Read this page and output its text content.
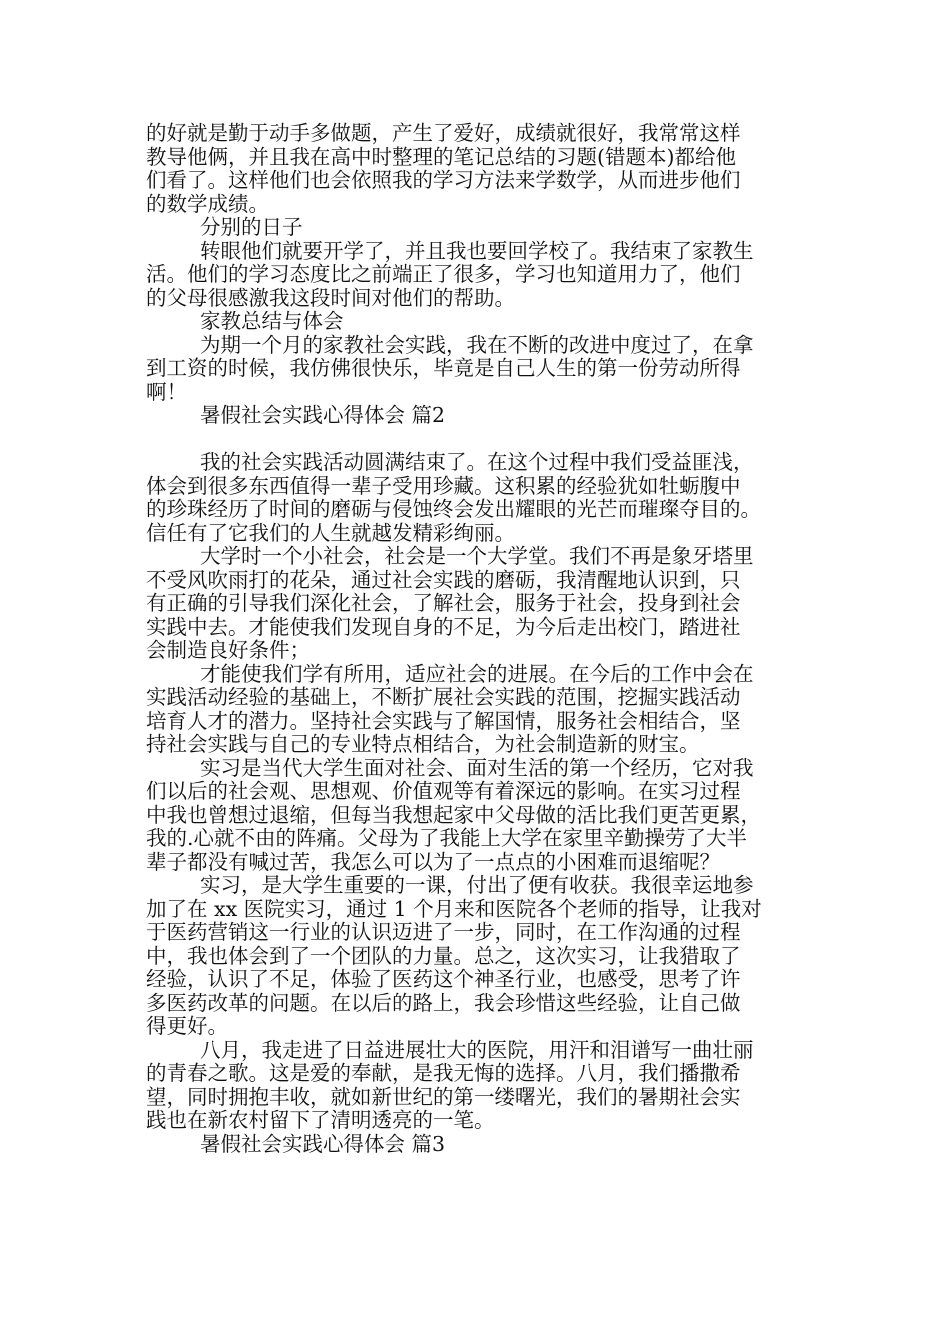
的好就是勤于动手多做题，产生了爱好，成绩就很好，我常常这样
教导他俩，并且我在高中时整理的笔记总结的习题(错题本)都给他
们看了。这样他们也会依照我的学习方法来学数学，从而进步他们
的数学成绩。
分别的日子
转眼他们就要开学了，并且我也要回学校了。我结束了家教生
活。他们的学习态度比之前端正了很多，学习也知道用力了，他们
的父母很感激我这段时间对他们的帮助。
家教总结与体会
为期一个月的家教社会实践，我在不断的改进中度过了，在拿
到工资的时候，我仿佛很快乐，毕竟是自己人生的第一份劳动所得
啊！
暑假社会实践心得体会 篇2
我的社会实践活动圆满结束了。在这个过程中我们受益匪浅，
体会到很多东西值得一辈子受用珍藏。这积累的经验犹如牡蛎腹中
的珍珠经历了时间的磨砺与侵蚀终会发出耀眼的光芒而璀璨夺目的。
信任有了它我们的人生就越发精彩绚丽。
大学时一个小社会，社会是一个大学堂。我们不再是象牙塔里
不受风吹雨打的花朵，通过社会实践的磨砺，我清醒地认识到，只
有正确的引导我们深化社会，了解社会，服务于社会，投身到社会
实践中去。才能使我们发现自身的不足，为今后走出校门，踏进社
会制造良好条件；
才能使我们学有所用，适应社会的进展。在今后的工作中会在
实践活动经验的基础上，不断扩展社会实践的范围，挖掘实践活动
培育人才的潜力。坚持社会实践与了解国情，服务社会相结合，坚
持社会实践与自己的专业特点相结合，为社会制造新的财宝。
实习是当代大学生面对社会、面对生活的第一个经历，它对我
们以后的社会观、思想观、价值观等有着深远的影响。在实习过程
中我也曾想过退缩，但每当我想起家中父母做的活比我们更苦更累，
我的.心就不由的阵痛。父母为了我能上大学在家里辛勤操劳了大半
辈子都没有喊过苦，我怎么可以为了一点点的小困难而退缩呢？
实习，是大学生重要的一课，付出了便有收获。我很幸运地参
加了在 xx 医院实习，通过 1 个月来和医院各个老师的指导，让我对
于医药营销这一行业的认识迈进了一步，同时，在工作沟通的过程
中，我也体会到了一个团队的力量。总之，这次实习，让我猎取了
经验，认识了不足，体验了医药这个神圣行业，也感受，思考了许
多医药改革的问题。在以后的路上，我会珍惜这些经验，让自己做
得更好。
八月，我走进了日益进展壮大的医院，用汗和泪谱写一曲壮丽
的青春之歌。这是爱的奉献，是我无悔的选择。八月，我们播撒希
望，同时拥抱丰收，就如新世纪的第一缕曙光，我们的暑期社会实
践也在新农村留下了清明透亮的一笔。
暑假社会实践心得体会 篇3
